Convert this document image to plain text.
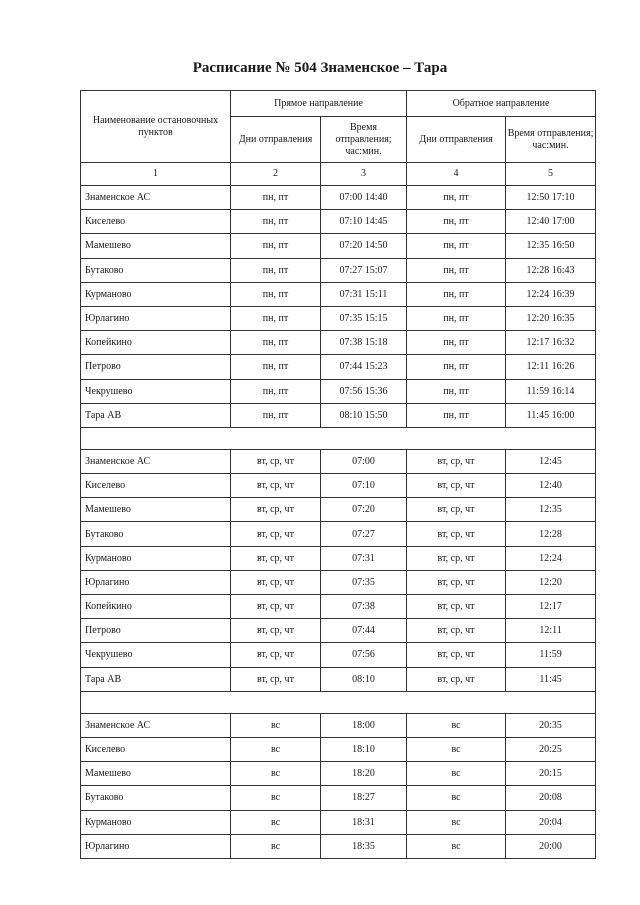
Расписание № 504 Знаменское – Тара
Наименование остановочных пунктов	Прямое направление		Обратное направление	
	Дни отправления	Время отправления; час:мин.	Дни отправления	Время отправления; час:мин.
1	2	3	4	5
Знаменское АС	пн, пт	07:00 14:40	пн, пт	12:50 17:10
Киселево	пн, пт	07:10 14:45	пн, пт	12:40 17:00
Мамешево	пн, пт	07:20 14:50	пн, пт	12:35 16:50
Бутаково	пн, пт	07:27 15:07	пн, пт	12:28 16:43
Курманово	пн, пт	07:31 15:11	пн, пт	12:24 16:39
Юрлагино	пн, пт	07:35 15:15	пн, пт	12:20 16:35
Копейкино	пн, пт	07:38 15:18	пн, пт	12:17 16:32
Петрово	пн, пт	07:44 15:23	пн, пт	12:11 16:26
Чекрушево	пн, пт	07:56 15:36	пн, пт	11:59 16:14
Тара АВ	пн, пт	08:10 15:50	пн, пт	11:45 16:00

Знаменское АС	вт, ср, чт	07:00	вт, ср, чт	12:45
Киселево	вт, ср, чт	07:10	вт, ср, чт	12:40
Мамешево	вт, ср, чт	07:20	вт, ср, чт	12:35
Бутаково	вт, ср, чт	07:27	вт, ср, чт	12:28
Курманово	вт, ср, чт	07:31	вт, ср, чт	12:24
Юрлагино	вт, ср, чт	07:35	вт, ср, чт	12:20
Копейкино	вт, ср, чт	07:38	вт, ср, чт	12:17
Петрово	вт, ср, чт	07:44	вт, ср, чт	12:11
Чекрушево	вт, ср, чт	07:56	вт, ср, чт	11:59
Тара АВ	вт, ср, чт	08:10	вт, ср, чт	11:45

Знаменское АС	вс	18:00	вс	20:35
Киселево	вс	18:10	вс	20:25
Мамешево	вс	18:20	вс	20:15
Бутаково	вс	18:27	вс	20:08
Курманово	вс	18:31	вс	20:04
Юрлагино	вс	18:35	вс	20:00
